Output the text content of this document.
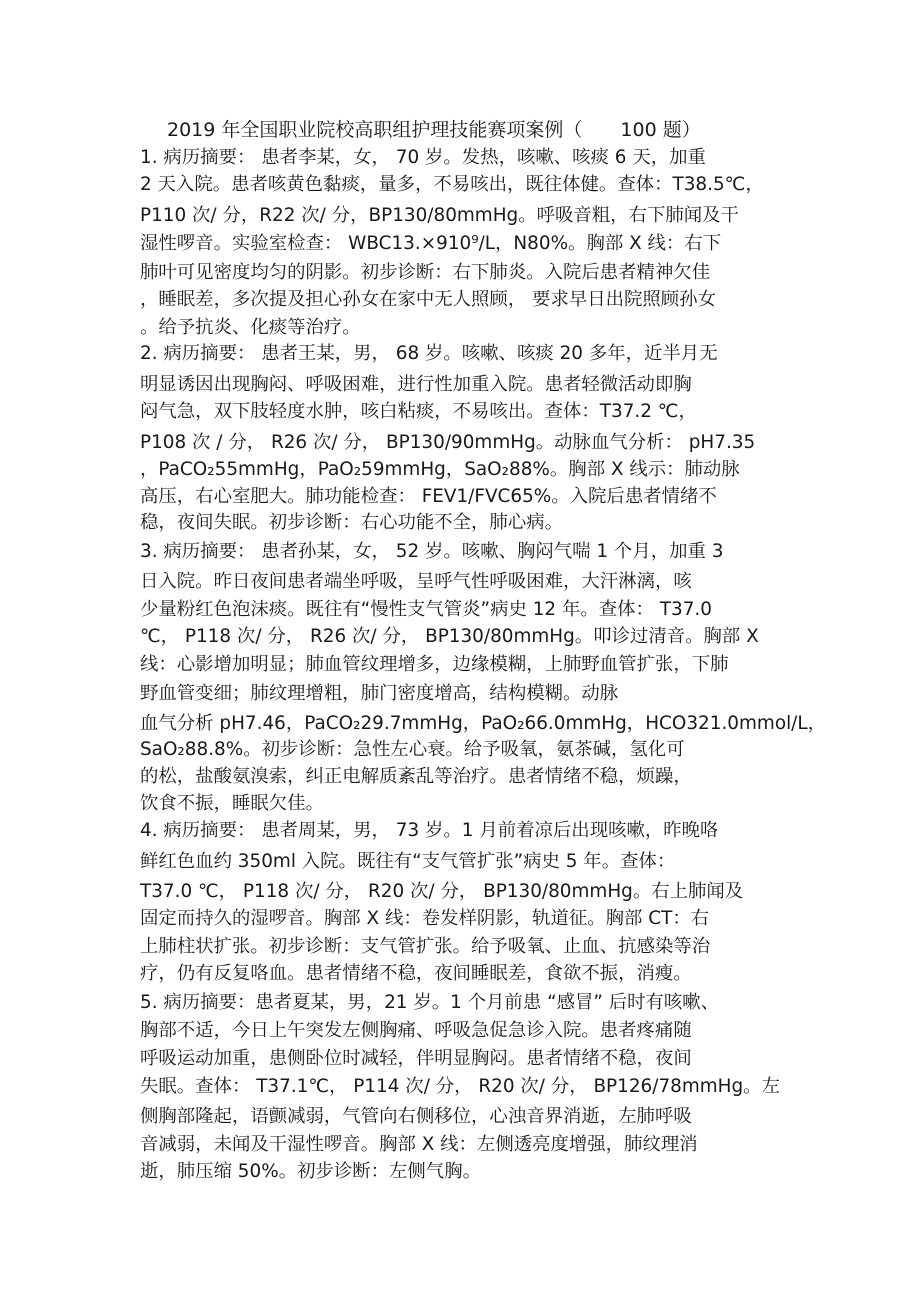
2019 年全国职业院校高职组护理技能赛项案例（　　100 题）
1. 病历摘要： 患者李某，女， 70 岁。发热，咳嗽、咳痰 6 天，加重
2 天入院。患者咳黄色黏痰，量多，不易咳出，既往体健。查体：T38.5℃，
P110 次/ 分，R22 次/ 分，BP130/80mmHg。呼吸音粗，右下肺闻及干
湿性啰音。实验室检查： WBC13.×910⁹/L，N80%。胸部 X 线：右下
肺叶可见密度均匀的阴影。初步诊断：右下肺炎。入院后患者精神欠佳
，睡眠差，多次提及担心孙女在家中无人照顾， 要求早日出院照顾孙女
。给予抗炎、化痰等治疗。
2. 病历摘要： 患者王某，男， 68 岁。咳嗽、咳痰 20 多年，近半月无
明显诱因出现胸闷、呼吸困难，进行性加重入院。患者轻微活动即胸
闷气急，双下肢轻度水肿，咳白粘痰，不易咳出。查体：T37.2 ℃，
P108 次 / 分， R26 次/ 分， BP130/90mmHg。动脉血气分析： pH7.35
，PaCO₂55mmHg，PaO₂59mmHg，SaO₂88%。胸部 X 线示：肺动脉
高压，右心室肥大。肺功能检查： FEV1/FVC65%。入院后患者情绪不
稳，夜间失眠。初步诊断：右心功能不全，肺心病。
3. 病历摘要： 患者孙某，女， 52 岁。咳嗽、胸闷气喘 1 个月，加重 3
日入院。昨日夜间患者端坐呼吸，呈呼气性呼吸困难，大汗淋漓，咳
少量粉红色泡沫痰。既往有“慢性支气管炎”病史 12 年。查体： T37.0
℃， P118 次/ 分， R26 次/ 分， BP130/80mmHg。叩诊过清音。胸部 X
线：心影增加明显；肺血管纹理增多，边缘模糊，上肺野血管扩张，下肺
野血管变细；肺纹理增粗，肺门密度增高，结构模糊。动脉
血气分析 pH7.46，PaCO₂29.7mmHg，PaO₂66.0mmHg，HCO321.0mmol/L，
SaO₂88.8%。初步诊断：急性左心衰。给予吸氧，氨茶碱，氢化可
的松，盐酸氨溴索，纠正电解质紊乱等治疗。患者情绪不稳，烦躁，
饮食不振，睡眠欠佳。
4. 病历摘要： 患者周某，男， 73 岁。1 月前着凉后出现咳嗽，昨晚咯
鲜红色血约 350ml 入院。既往有“支气管扩张”病史 5 年。查体：
T37.0 ℃， P118 次/ 分， R20 次/ 分， BP130/80mmHg。右上肺闻及
固定而持久的湿啰音。胸部 X 线：卷发样阴影，轨道征。胸部 CT：右
上肺柱状扩张。初步诊断：支气管扩张。给予吸氧、止血、抗感染等治
疗，仍有反复咯血。患者情绪不稳，夜间睡眠差，食欲不振，消瘦。
5. 病历摘要：患者夏某，男，21 岁。1 个月前患 “感冒” 后时有咳嗽、
胸部不适，今日上午突发左侧胸痛、呼吸急促急诊入院。患者疼痛随
呼吸运动加重，患侧卧位时减轻，伴明显胸闷。患者情绪不稳，夜间
失眠。查体： T37.1℃， P114 次/ 分， R20 次/ 分， BP126/78mmHg。左
侧胸部隆起，语颤减弱，气管向右侧移位，心浊音界消逝，左肺呼吸
音减弱，未闻及干湿性啰音。胸部 X 线：左侧透亮度增强，肺纹理消
逝，肺压缩 50%。初步诊断：左侧气胸。
